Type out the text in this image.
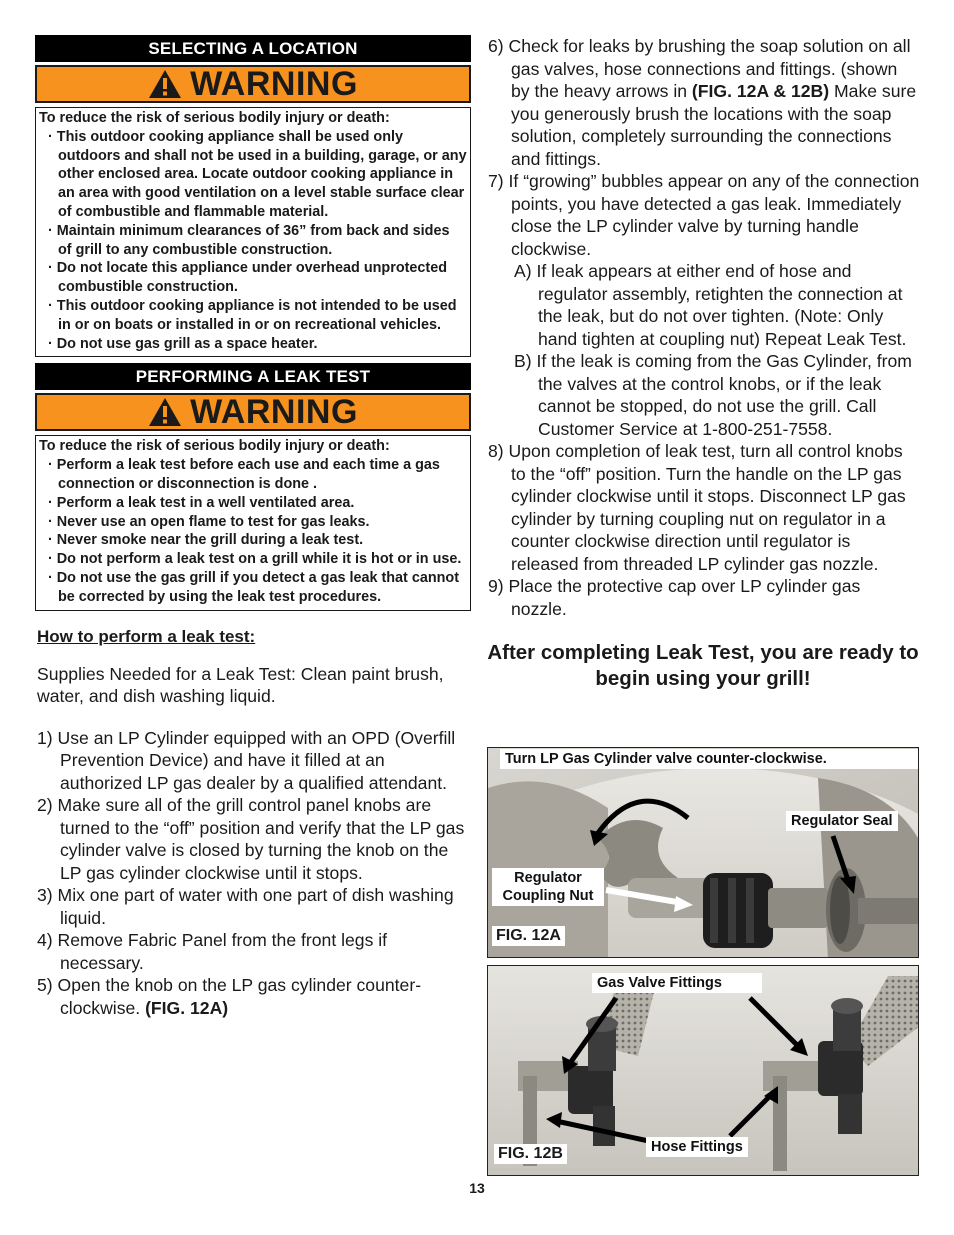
SELECTING A LOCATION
WARNING
To reduce the risk of serious bodily injury or death:
· This outdoor cooking appliance shall be used only outdoors and shall not be used in a building, garage, or any other enclosed area. Locate outdoor cooking appliance in an area with good ventilation on a level stable surface clear of combustible and flammable material.
· Maintain minimum clearances of 36” from back and sides of grill to any combustible construction.
· Do not locate this appliance under overhead unprotected combustible construction.
· This outdoor cooking appliance is not intended to be used in or on boats or installed in or on recreational vehicles.
· Do not use gas grill as a space heater.
PERFORMING A LEAK TEST
WARNING
To reduce the risk of serious bodily injury or death:
· Perform a leak test before each use and each time a gas connection or disconnection is done .
· Perform a leak test in a well ventilated area.
· Never use an open flame to test for gas leaks.
· Never smoke near the grill during a leak test.
· Do not perform a leak test on a grill while it is hot or in use.
· Do not use the gas grill if you detect a gas leak that cannot be corrected by using the leak test procedures.
How to perform a leak test:
Supplies Needed for a Leak Test: Clean paint brush, water, and dish washing liquid.
1) Use an LP Cylinder equipped with an OPD (Overfill Prevention Device) and have it filled at an authorized LP gas dealer by a qualified attendant.
2) Make sure all of the grill control panel knobs are turned to the “off” position and verify that the LP gas cylinder valve is closed by turning the knob on the LP gas cylinder clockwise until it stops.
3) Mix one part of water with one part of dish washing liquid.
4) Remove Fabric Panel from the front legs if necessary.
5) Open the knob on the LP gas cylinder counter-clockwise. (FIG. 12A)
6) Check for leaks by brushing the soap solution on all gas valves, hose connections and fittings. (shown by the heavy arrows in (FIG. 12A & 12B) Make sure you generously brush the locations with the soap solution, completely surrounding the connections and fittings.
7) If “growing” bubbles appear on any of the connection points, you have detected a gas leak. Immediately close the LP cylinder valve by turning handle clockwise.
A) If leak appears at either end of hose and regulator assembly, retighten the connection at the leak, but do not over tighten. (Note: Only hand tighten at coupling nut) Repeat Leak Test.
B) If the leak is coming from the Gas Cylinder, from the valves at the control knobs, or if the leak cannot be stopped, do not use the grill. Call Customer Service at 1-800-251-7558.
8) Upon completion of leak test, turn all control knobs to the “off” position. Turn the handle on the LP gas cylinder clockwise until it stops. Disconnect LP gas cylinder by turning coupling nut on regulator in a counter clockwise direction until regulator is released from threaded LP cylinder gas nozzle.
9) Place the protective cap over LP cylinder gas nozzle.
After completing Leak Test, you are ready to begin using your grill!
Turn LP Gas Cylinder valve counter-clockwise.
Regulator Seal
Regulator Coupling Nut
FIG. 12A
Gas Valve Fittings
Hose Fittings
FIG. 12B
13
